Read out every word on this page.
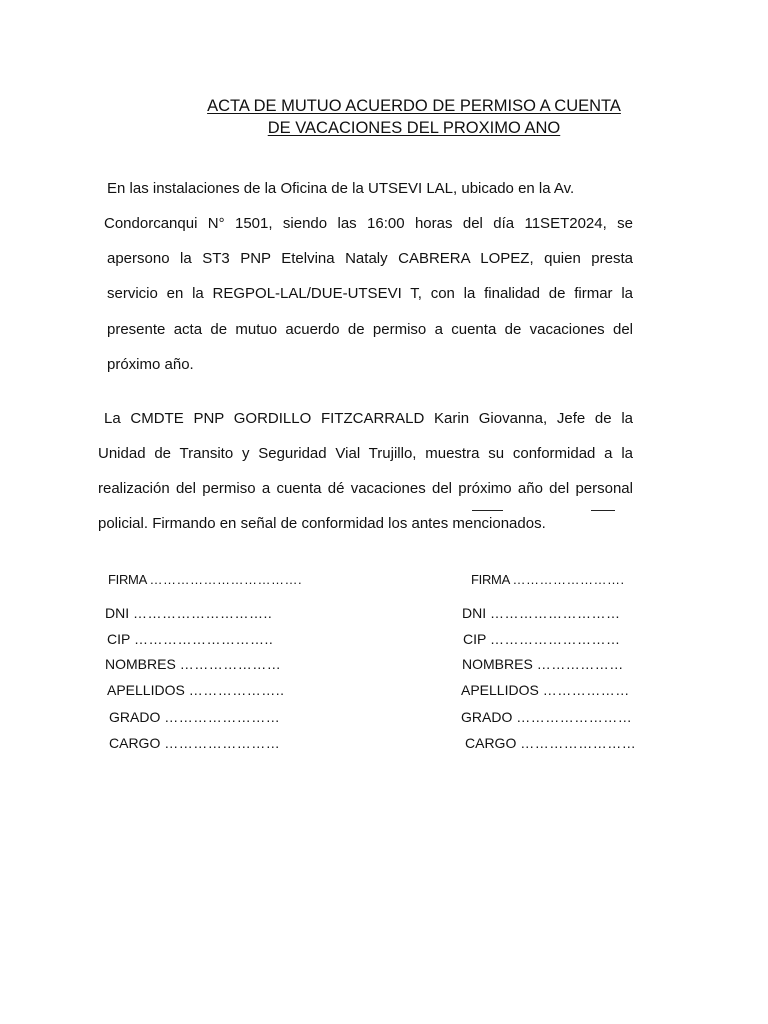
ACTA DE MUTUO ACUERDO DE PERMISO A CUENTA
DE VACACIONES DEL PROXIMO ANO
En las instalaciones de la Oficina de la UTSEVI LAL, ubicado en la Av.
Condorcanqui N° 1501, siendo las 16:00 horas del día 11SET2024, se
apersono la ST3 PNP Etelvina Nataly CABRERA LOPEZ, quien presta
servicio en la REGPOL-LAL/DUE-UTSEVI T, con la finalidad de firmar la
presente acta de mutuo acuerdo de permiso a cuenta de vacaciones del
próximo año.
La CMDTE PNP GORDILLO FITZCARRALD Karin Giovanna, Jefe de la
Unidad de Transito y Seguridad Vial Trujillo, muestra su conformidad a la
realización del permiso a cuenta dé vacaciones del próximo año del personal
policial. Firmando en señal de conformidad los antes mencionados.
FIRMA …………………………….
DNI ………………………..
CIP ………………………..
NOMBRES …………………
APELLIDOS ………………..
GRADO ……………………
CARGO ……………………
FIRMA …………………….
DNI ………………………
CIP ………………………
NOMBRES ………………
APELLIDOS ………………
GRADO ……………………
CARGO ……………………
